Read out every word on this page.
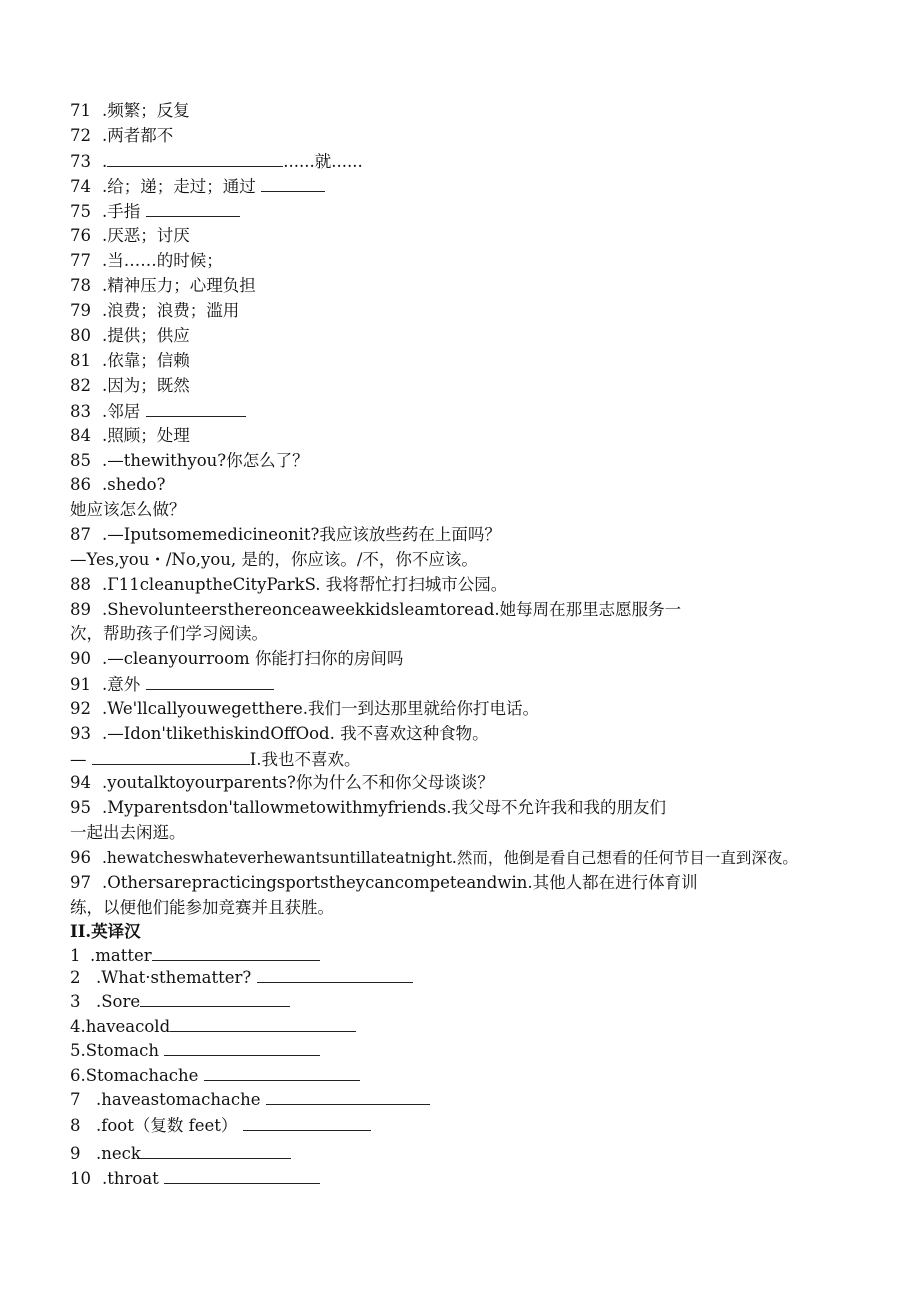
71 .频繁；反复
72 .两者都不
73 .	......就......
74 .给；递；走过；通过
75 .手指
76 .厌恶；讨厌
77 .当……的时候；
78 .精神压力；心理负担
79 .浪费；浪费；滥用
80 .提供；供应
81 .依靠；信赖
82 .因为；既然
83 .邻居
84 .照顾；处理
85 .—thewithyou?你怎么了？
86 .shedo?
她应该怎么做？
87 .—Iputsomemedicineonit?我应该放些药在上面吗？
—Yes,you・/No,you, 是的，你应该。/不，你不应该。
88 .Γ11cleanuptheCityParkS. 我将帮忙打扫城市公园。
89 .Shevolunteersthereonceaweekkidslеamtoread.她每周在那里志愿服务一
次，帮助孩子们学习阅读。
90 .—cleanyourroom 你能打扫你的房间吗
91 .意外
92 .We'llcallyouwegetthere.我们一到达那里就给你打电话。
93 .—Idon'tlikethiskindOffOod. 我不喜欢这种食物。
—	I.我也不喜欢。
94 .youtalktoyourparents?你为什么不和你父母谈谈？
95 .Myparentsdon'tallowmetowithmyfriends.我父母不允许我和我的朋友们
一起出去闲逛。
96 .hewatcheswhateverhewantsuntillateatnight.然而，他倒是看自己想看的任何节目一直到深夜。
97 .Othersarepracticingsportstheycancompeteandwin.其他人都在进行体育训
练，以便他们能参加竞赛并且获胜。
II.英译汉
1 .matter
2 .What·sthematter?
3 .Sore
4.haveacold
5.Stomach
6.Stomachache
7 .haveastomachache
8 .foot（复数 feet）
9 .neck
10 .throat
